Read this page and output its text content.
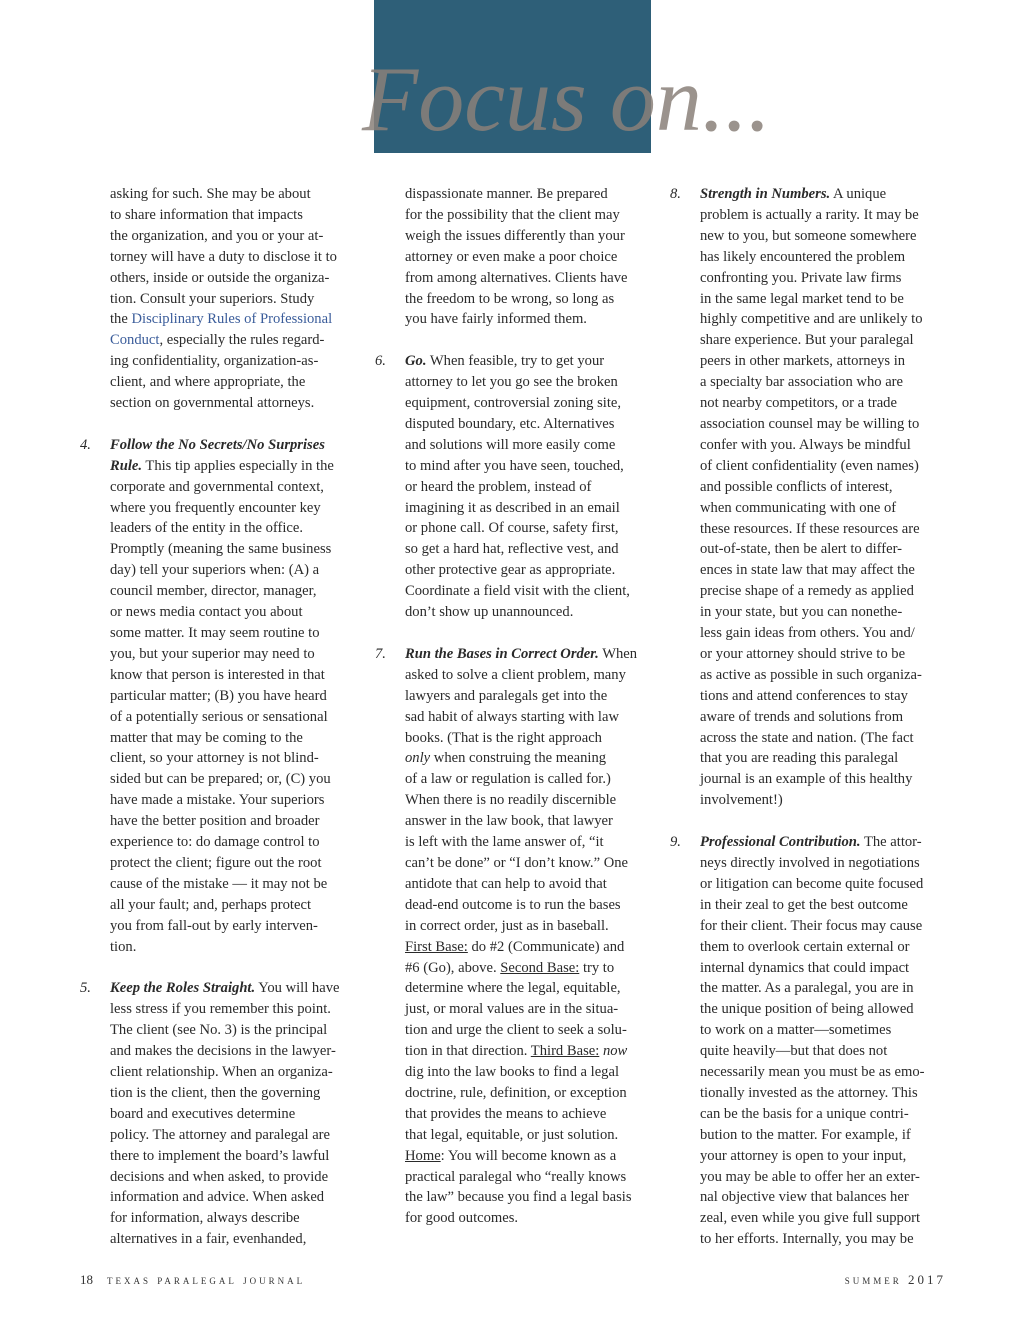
Focus on...

asking for such. She may be about

to share information that impacts

the organization, and you or your at-

torney will have a duty to disclose it to

others, inside or outside the organiza-

tion. Consult your superiors. Study

the Disciplinary Rules of Professional

Conduct, especially the rules regard-

ing confidentiality, organization-as-

client, and where appropriate, the

section on governmental attorneys.

4. Follow the No Secrets/No Surprises

Rule. This tip applies especially in the

corporate and governmental context,

where you frequently encounter key

leaders of the entity in the office.

Promptly (meaning the same business

day) tell your superiors when: (A) a

council member, director, manager,

or news media contact you about

some matter. It may seem routine to

you, but your superior may need to

know that person is interested in that

particular matter; (B) you have heard

of a potentially serious or sensational

matter that may be coming to the

client, so your attorney is not blind-

sided but can be prepared; or, (C) you

have made a mistake. Your superiors

have the better position and broader

experience to: do damage control to

protect the client; figure out the root

cause of the mistake — it may not be

all your fault; and, perhaps protect

you from fall-out by early interven-

tion.

5. Keep the Roles Straight. You will have

less stress if you remember this point.

The client (see No. 3) is the principal

and makes the decisions in the lawyer-

client relationship. When an organiza-

tion is the client, then the governing

board and executives determine

policy. The attorney and paralegal are

there to implement the board’s lawful

decisions and when asked, to provide

information and advice. When asked

for information, always describe

alternatives in a fair, evenhanded,

dispassionate manner. Be prepared

for the possibility that the client may

weigh the issues differently than your

attorney or even make a poor choice

from among alternatives. Clients have

the freedom to be wrong, so long as

you have fairly informed them.

6. Go. When feasible, try to get your

attorney to let you go see the broken

equipment, controversial zoning site,

disputed boundary, etc. Alternatives

and solutions will more easily come

to mind after you have seen, touched,

or heard the problem, instead of

imagining it as described in an email

or phone call. Of course, safety first,

so get a hard hat, reflective vest, and

other protective gear as appropriate.

Coordinate a field visit with the client,

don’t show up unannounced.

7. Run the Bases in Correct Order. When

asked to solve a client problem, many

lawyers and paralegals get into the

sad habit of always starting with law

books. (That is the right approach

only when construing the meaning

of a law or regulation is called for.)

When there is no readily discernible

answer in the law book, that lawyer

is left with the lame answer of, “it

can’t be done” or “I don’t know.” One

antidote that can help to avoid that

dead-end outcome is to run the bases

in correct order, just as in baseball.

First Base: do #2 (Communicate) and

#6 (Go), above. Second Base: try to

determine where the legal, equitable,

just, or moral values are in the situa-

tion and urge the client to seek a solu-

tion in that direction. Third Base: now

dig into the law books to find a legal

doctrine, rule, definition, or exception

that provides the means to achieve

that legal, equitable, or just solution.

Home: You will become known as a

practical paralegal who “really knows

the law” because you find a legal basis

for good outcomes.

8. Strength in Numbers. A unique

problem is actually a rarity. It may be

new to you, but someone somewhere

has likely encountered the problem

confronting you. Private law firms

in the same legal market tend to be

highly competitive and are unlikely to

share experience. But your paralegal

peers in other markets, attorneys in

a specialty bar association who are

not nearby competitors, or a trade

association counsel may be willing to

confer with you. Always be mindful

of client confidentiality (even names)

and possible conflicts of interest,

when communicating with one of

these resources. If these resources are

out-of-state, then be alert to differ-

ences in state law that may affect the

precise shape of a remedy as applied

in your state, but you can nonethe-

less gain ideas from others. You and/

or your attorney should strive to be

as active as possible in such organiza-

tions and attend conferences to stay

aware of trends and solutions from

across the state and nation. (The fact

that you are reading this paralegal

journal is an example of this healthy

involvement!)

9. Professional Contribution. The attor-

neys directly involved in negotiations

or litigation can become quite focused

in their zeal to get the best outcome

for their client. Their focus may cause

them to overlook certain external or

internal dynamics that could impact

the matter. As a paralegal, you are in

the unique position of being allowed

to work on a matter—sometimes

quite heavily—but that does not

necessarily mean you must be as emo-

tionally invested as the attorney. This

can be the basis for a unique contri-

bution to the matter. For example, if

your attorney is open to your input,

you may be able to offer her an exter-

nal objective view that balances her

zeal, even while you give full support

to her efforts. Internally, you may be

18 texas paralegal journal	summer 2017
